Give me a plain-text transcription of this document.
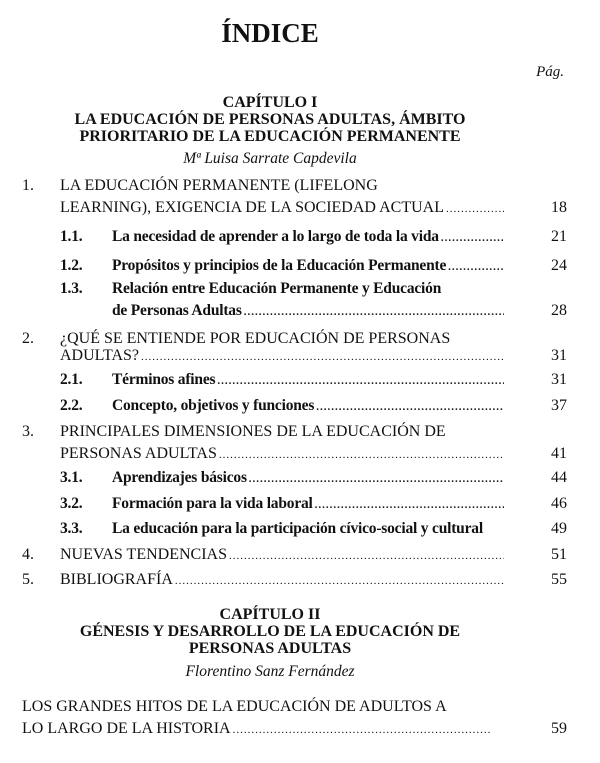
ÍNDICE
Pág.
CAPÍTULO I
LA EDUCACIÓN DE PERSONAS ADULTAS, ÁMBITO
PRIORITARIO DE LA EDUCACIÓN PERMANENTE
Mª Luisa Sarrate Capdevila
1. LA EDUCACIÓN PERMANENTE (LIFELONG
LEARNING), EXIGENCIA DE LA SOCIEDAD ACTUAL .....	18
1.1. La necesidad de aprender a lo largo de toda la vida .....	21
1.2. Propósitos y principios de la Educación Permanente .....	24
1.3. Relación entre Educación Permanente y Educación
de Personas Adultas .....	28
2. ¿QUÉ SE ENTIENDE POR EDUCACIÓN DE PERSONAS
ADULTAS? .....	31
2.1. Términos afines .....	31
2.2. Concepto, objetivos y funciones .....	37
3. PRINCIPALES DIMENSIONES DE LA EDUCACIÓN DE
PERSONAS ADULTAS .....	41
3.1. Aprendizajes básicos .....	44
3.2. Formación para la vida laboral .....	46
3.3. La educación para la participación cívico-social y cultural	49
4. NUEVAS TENDENCIAS .....	51
5. BIBLIOGRAFÍA .....	55
CAPÍTULO II
GÉNESIS Y DESARROLLO DE LA EDUCACIÓN DE
PERSONAS ADULTAS
Florentino Sanz Fernández
LOS GRANDES HITOS DE LA EDUCACIÓN DE ADULTOS A
LO LARGO DE LA HISTORIA .....	59
